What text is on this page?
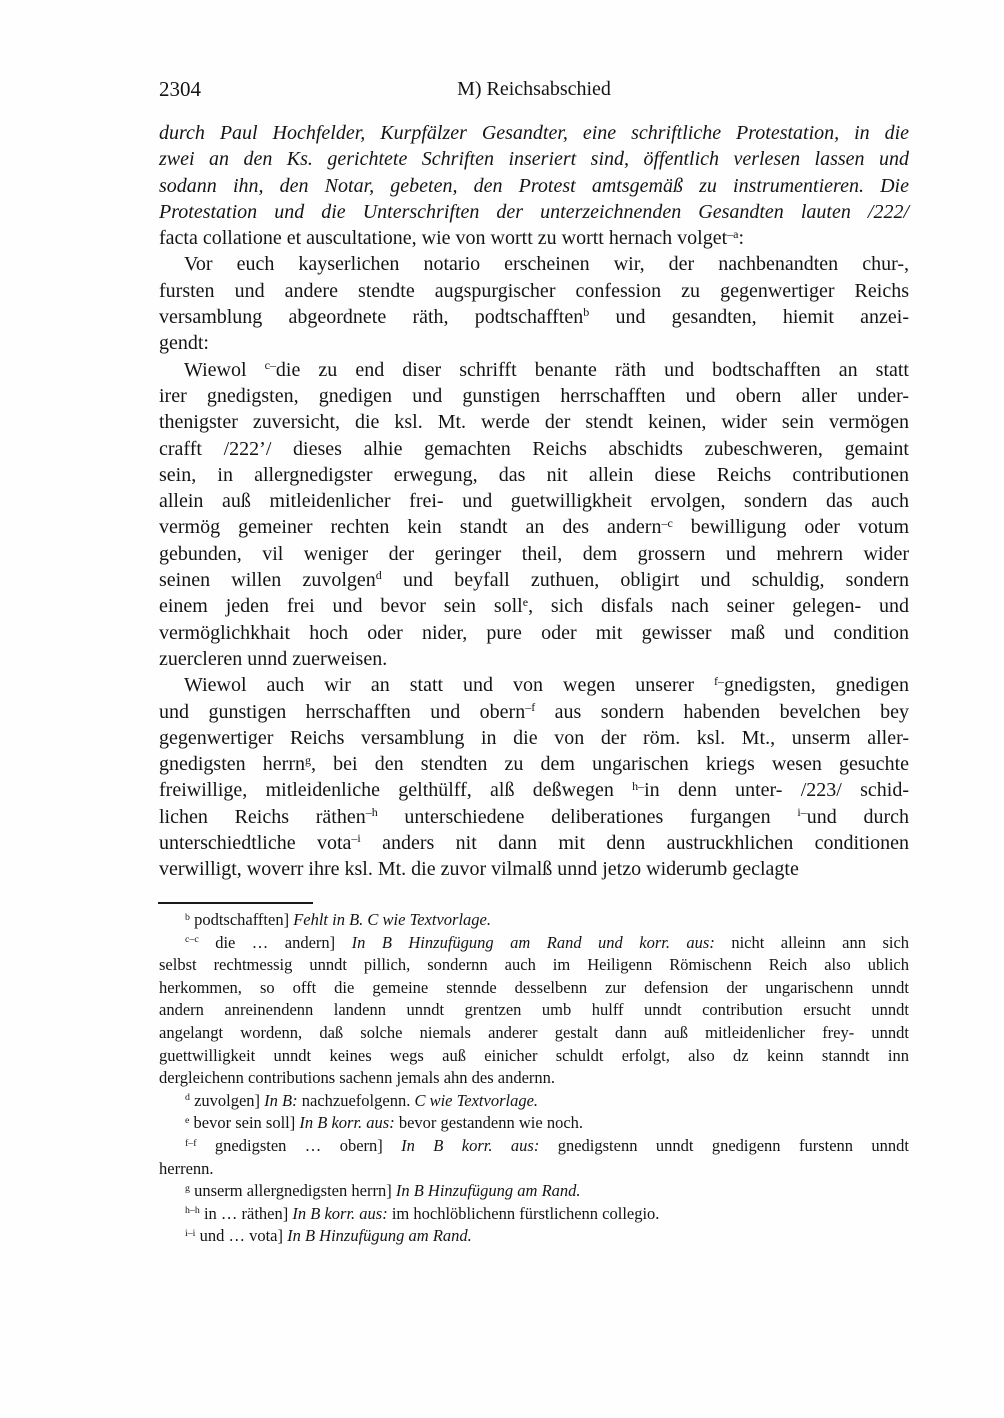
2304	M) Reichsabschied
durch Paul Hochfelder, Kurpfälzer Gesandter, eine schriftliche Protestation, in die
zwei an den Ks. gerichtete Schriften inseriert sind, öffentlich verlesen lassen und
sodann ihn, den Notar, gebeten, den Protest amtsgemäß zu instrumentieren. Die
Protestation und die Unterschriften der unterzeichnenden Gesandten lauten /222/
facta collatione et auscultatione, wie von wortt zu wortt hernach volget$^{-a}$:
Vor euch kayserlichen notario erscheinen wir, der nachbenandten chur-,
fursten und andere stendte augspurgischer confession zu gegenwertiger Reichs
versamblung abgeordnete räth, podtschafften$^b$ und gesandten, hiemit anzei-
gendt:
Wiewol $^{c-}$die zu end diser schrifft benante räth und bodtschafften an statt
irer gnedigsten, gnedigen und gunstigen herrschafften und obern aller under-
thenigster zuversicht, die ksl. Mt. werde der stendt keinen, wider sein vermögen
crafft /222’/ dieses alhie gemachten Reichs abschidts zubeschweren, gemaint
sein, in allergnedigster erwegung, das nit allein diese Reichs contributionen
allein auß mitleidenlicher frei- und guetwilligkheit ervolgen, sondern das auch
vermög gemeiner rechten kein standt an des andern$^{-c}$ bewilligung oder votum
gebunden, vil weniger der geringer theil, dem grossern und mehrern wider
seinen willen zuvolgen$^d$ und beyfall zuthuen, obligirt und schuldig, sondern
einem jeden frei und bevor sein soll$^e$, sich disfals nach seiner gelegen- und
vermöglichkhait hoch oder nider, pure oder mit gewisser maß und condition
zuercleren unnd zuerweisen.
Wiewol auch wir an statt und von wegen unserer $^{f-}$gnedigsten, gnedigen
und gunstigen herrschafften und obern$^{-f}$ aus sondern habenden bevelchen bey
gegenwertiger Reichs versamblung in die von der röm. ksl. Mt., unserm aller-
gnedigsten herrn$^g$, bei den stendten zu dem ungarischen kriegs wesen gesuchte
freiwillige, mitleidenliche gelthülff, alß deßwegen $^{h-}$in denn unter- /223/ schid-
lichen Reichs räthen$^{-h}$ unterschiedene deliberationes furgangen $^{i-}$und durch
unterschiedtliche vota$^{-i}$ anders nit dann mit denn austruckhlichen conditionen
verwilligt, woverr ihre ksl. Mt. die zuvor vilmalß unnd jetzo widerumb geclagte
$^b$ podtschafften] Fehlt in B. C wie Textvorlage.
$^{c-c}$ die … andern] In B Hinzufügung am Rand und korr. aus: nicht alleinn ann sich
selbst rechtmessig unndt pillich, sondernn auch im Heiligenn Römischenn Reich also ublich
herkommen, so offt die gemeine stennde desselbenn zur defension der ungarischenn unndt
andern anreinendenn landenn unndt grentzen umb hulff unndt contribution ersucht unndt
angelangt wordenn, daß solche niemals anderer gestalt dann auß mitleidenlicher frey- unndt
guettwilligkeit unndt keines wegs auß einicher schuldt erfolgt, also dz keinn stanndt inn
dergleichenn contributions sachenn jemals ahn des andernn.
$^d$ zuvolgen] In B: nachzuefolgenn. C wie Textvorlage.
$^e$ bevor sein soll] In B korr. aus: bevor gestandenn wie noch.
$^{f-f}$ gnedigsten … obern] In B korr. aus: gnedigstenn unndt gnedigenn furstenn unndt
herrenn.
$^g$ unserm allergnedigsten herrn] In B Hinzufügung am Rand.
$^{h-h}$ in … räthen] In B korr. aus: im hochlöblichenn fürstlichenn collegio.
$^{i-i}$ und … vota] In B Hinzufügung am Rand.
